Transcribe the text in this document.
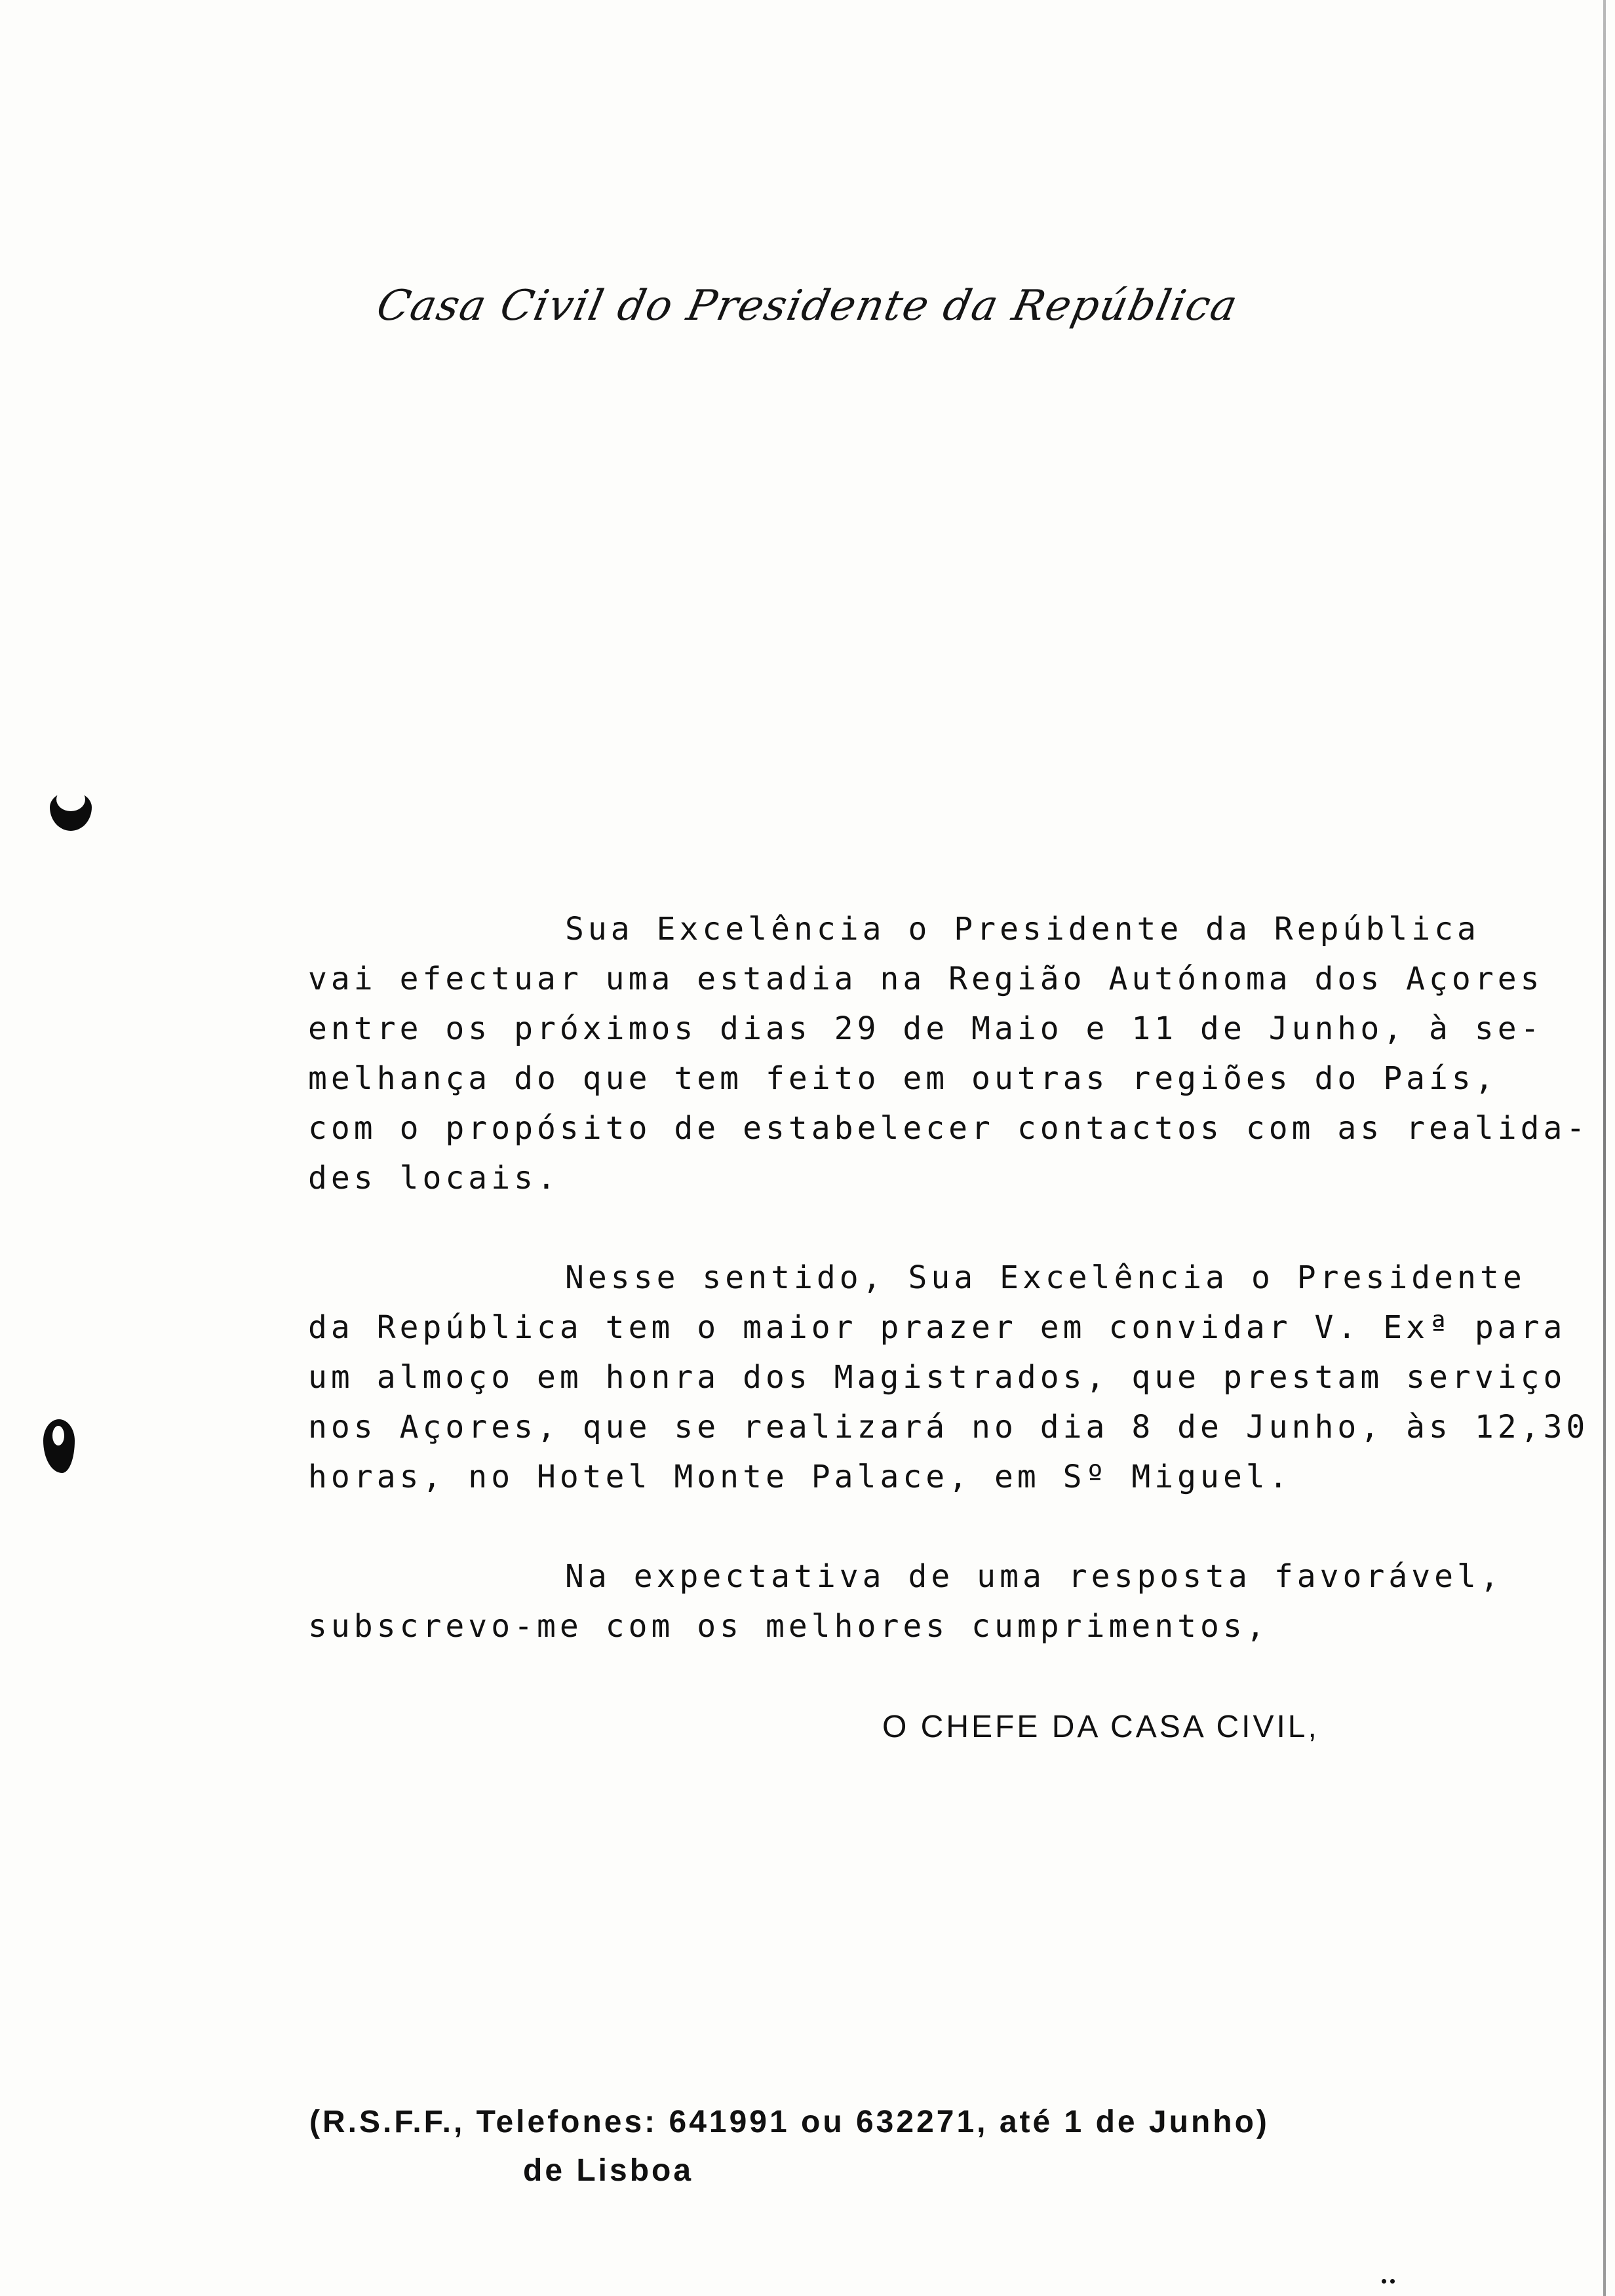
Casa Civil do Presidente da República
Sua Excelência o Presidente da República
vai efectuar uma estadia na Região Autónoma dos Açores
entre os próximos dias 29 de Maio e 11 de Junho, à se-
melhança do que tem feito em outras regiões do País,
com o propósito de estabelecer contactos com as realida-
des locais.
Nesse sentido, Sua Excelência o Presidente
da República tem o maior prazer em convidar V. Exª para
um almoço em honra dos Magistrados, que prestam serviço
nos Açores, que se realizará no dia 8 de Junho, às 12,30
horas, no Hotel Monte Palace, em Sº Miguel.
Na expectativa de uma resposta favorável,
subscrevo-me com os melhores cumprimentos,
O CHEFE DA CASA CIVIL,
(R.S.F.F., Telefones: 641991 ou 632271, até 1 de Junho)
de Lisboa
